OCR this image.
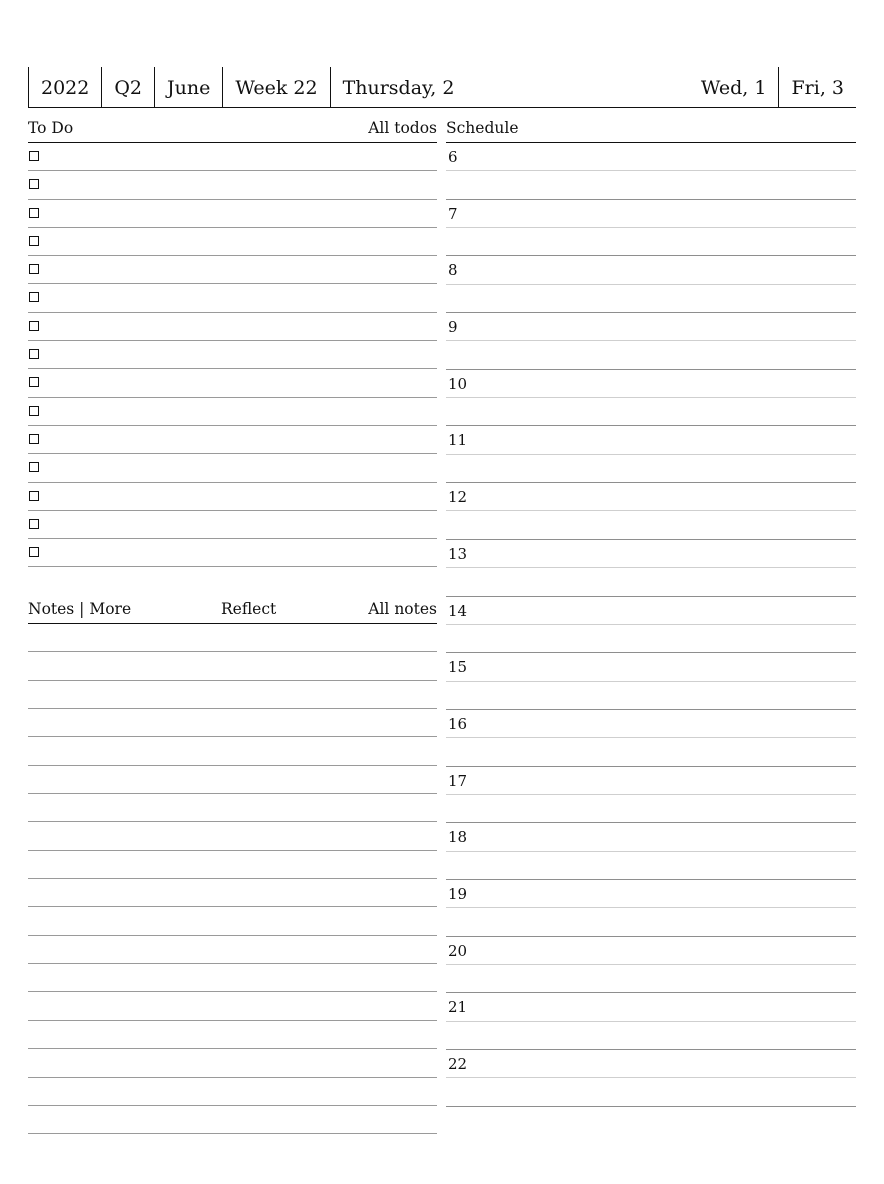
2022	Q2	June	Week 22	Thursday, 2	Wed, 1	Fri, 3
To Do	All todos
Notes | More	Reflect	All notes
Schedule
6
7
8
9
10
11
12
13
14
15
16
17
18
19
20
21
22
